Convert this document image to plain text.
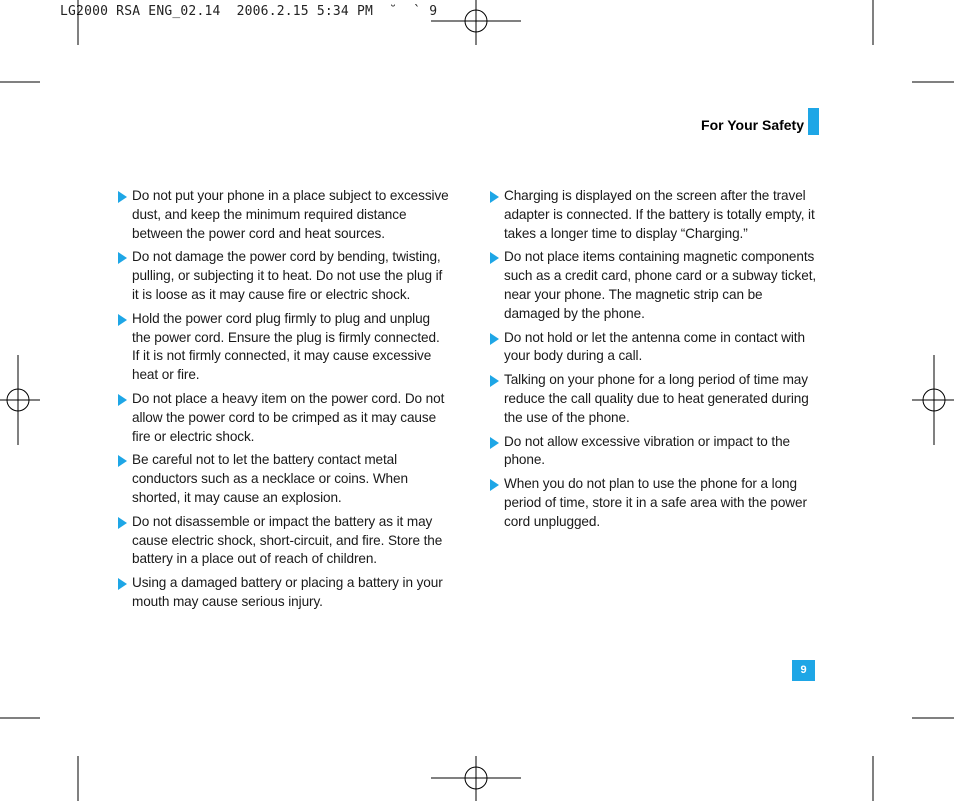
LG2000 RSA ENG_02.14  2006.2.15 5:34 PM  ˘  ` 9
For Your Safety
Do not put your phone in a place subject to excessive dust, and keep the minimum required distance between the power cord and heat sources.
Do not damage the power cord by bending, twisting, pulling, or subjecting it to heat. Do not use the plug if it is loose as it may cause fire or electric shock.
Hold the power cord plug firmly to plug and unplug the power cord. Ensure the plug is firmly connected. If it is not firmly connected, it may cause excessive heat or fire.
Do not place a heavy item on the power cord. Do not allow the power cord to be crimped as it may cause fire or electric shock.
Be careful not to let the battery contact metal conductors such as a necklace or coins. When shorted, it may cause an explosion.
Do not disassemble or impact the battery as it may cause electric shock, short-circuit, and fire. Store the battery in a place out of reach of children.
Using a damaged battery or placing a battery in your mouth may cause serious injury.
Charging is displayed on the screen after the travel adapter is connected. If the battery is totally empty, it takes a longer time to display “Charging.”
Do not place items containing magnetic components such as a credit card, phone card or a subway ticket, near your phone. The magnetic strip can be damaged by the phone.
Do not hold or let the antenna come in contact with your body during a call.
Talking on your phone for a long period of time may reduce the call quality due to heat generated during the use of the phone.
Do not allow excessive vibration or impact to the phone.
When you do not plan to use the phone for a long period of time, store it in a safe area with the power cord unplugged.
9
